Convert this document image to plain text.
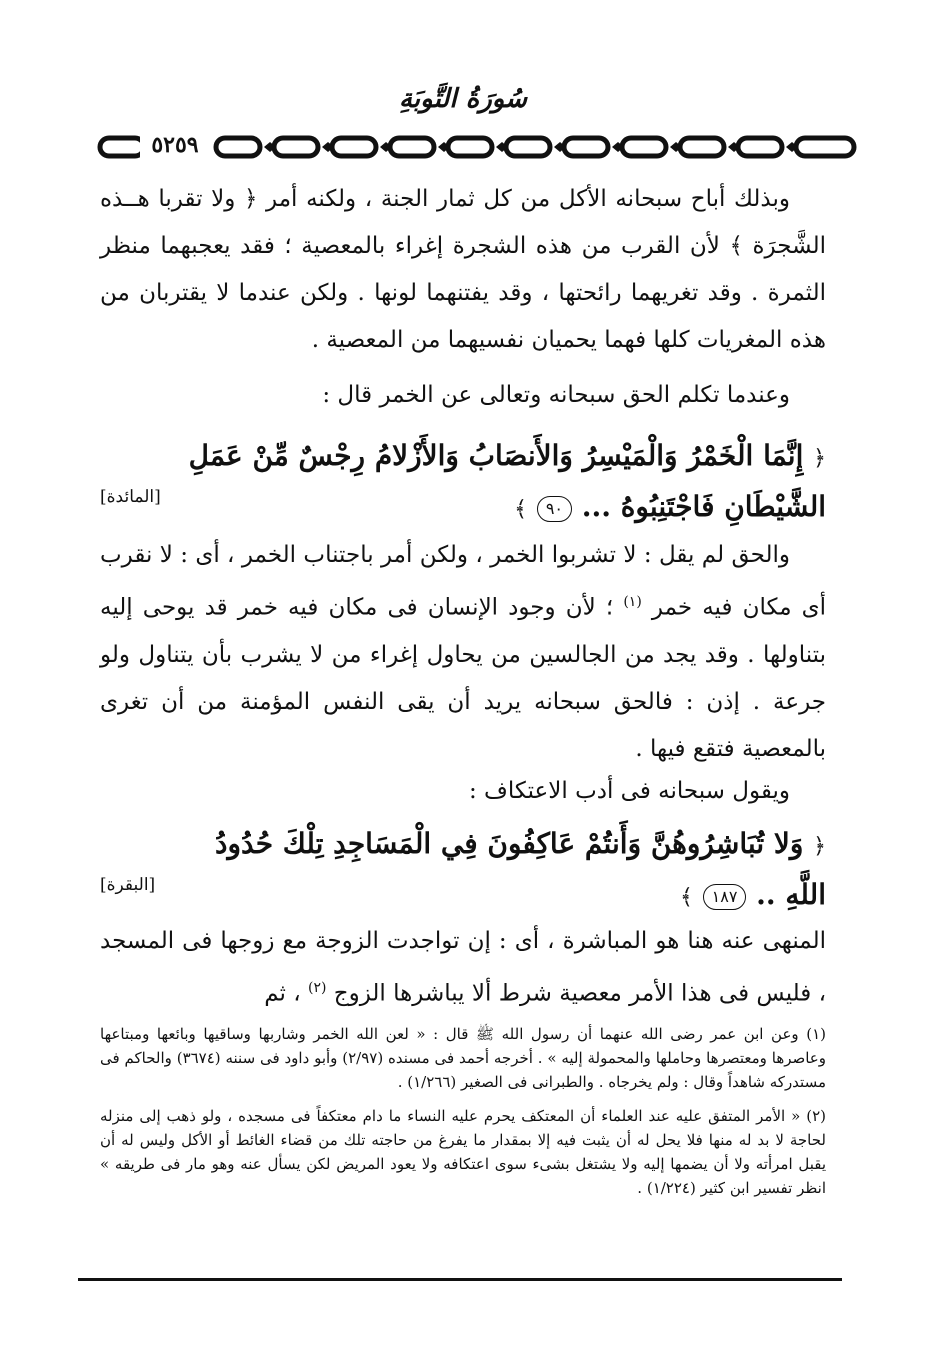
سُورَةُ التَّوبَةِ
٥٢٥٩

وبذلك أباح سبحانه الأكل من كل ثمار الجنة ، ولكنه أمر ﴿ ولا تقربا هــذه الشَّجرَة ﴾ لأن القرب من هذه الشجرة إغراء بالمعصية ؛ فقد يعجبهما منظر الثمرة . وقد تغريهما رائحتها ، وقد يفتنهما لونها . ولكن عندما لا يقتربان من هذه المغريات كلها فهما يحميان نفسيهما من المعصية .

وعندما تكلم الحق سبحانه وتعالى عن الخمر قال :

﴿ إِنَّمَا الْخَمْرُ وَالْمَيْسِرُ وَالأَنصَابُ وَالأَزْلامُ رِجْسٌ مِّنْ عَمَلِ
الشَّيْطَانِ فَاجْتَنِبُوهُ ... ٩٠ ﴾
[المائدة]

والحق لم يقل : لا تشربوا الخمر ، ولكن أمر باجتناب الخمر ، أى : لا نقرب أى مكان فيه خمر $^{(١)}$ ؛ لأن وجود الإنسان فى مكان فيه خمر قد يوحى إليه بتناولها . وقد يجد من الجالسين من يحاول إغراء من لا يشرب بأن يتناول ولو جرعة . إذن : فالحق سبحانه يريد أن يقى النفس المؤمنة من أن تغرى بالمعصية فتقع فيها .

ويقول سبحانه فى أدب الاعتكاف :

﴿ وَلا تُبَاشِرُوهُنَّ وَأَنتُمْ عَاكِفُونَ فِي الْمَسَاجِدِ تِلْكَ حُدُودُ
اللَّهِ .. ١٨٧ ﴾
[البقرة]

المنهى عنه هنا هو المباشرة ، أى : إن تواجدت الزوجة مع زوجها فى المسجد ، فليس فى هذا الأمر معصية شرط ألا يباشرها الزوج $^{(٢)}$ ، ثم

(١) وعن ابن عمر رضى الله عنهما أن رسول الله ﷺ قال : « لعن الله الخمر وشاربها وساقيها وبائعها ومبتاعها وعاصرها ومعتصرها وحاملها والمحمولة إليه » . أخرجه أحمد فى مسنده (٢/٩٧) وأبو داود فى سننه (٣٦٧٤) والحاكم فى مستدركه شاهداً وقال : ولم يخرجاه . والطبرانى فى الصغير (١/٢٦٦) .

(٢) « الأمر المتفق عليه عند العلماء أن المعتكف يحرم عليه النساء ما دام معتكفاً فى مسجده ، ولو ذهب إلى منزله لحاجة لا بد له منها فلا يحل له أن يثبت فيه إلا بمقدار ما يفرغ من حاجته تلك من قضاء الغائط أو الأكل وليس له أن يقبل امرأته ولا أن يضمها إليه ولا يشتغل بشىء سوى اعتكافه ولا يعود المريض لكن يسأل عنه وهو مار فى طريقه » انظر تفسير ابن كثير (١/٢٢٤) .
